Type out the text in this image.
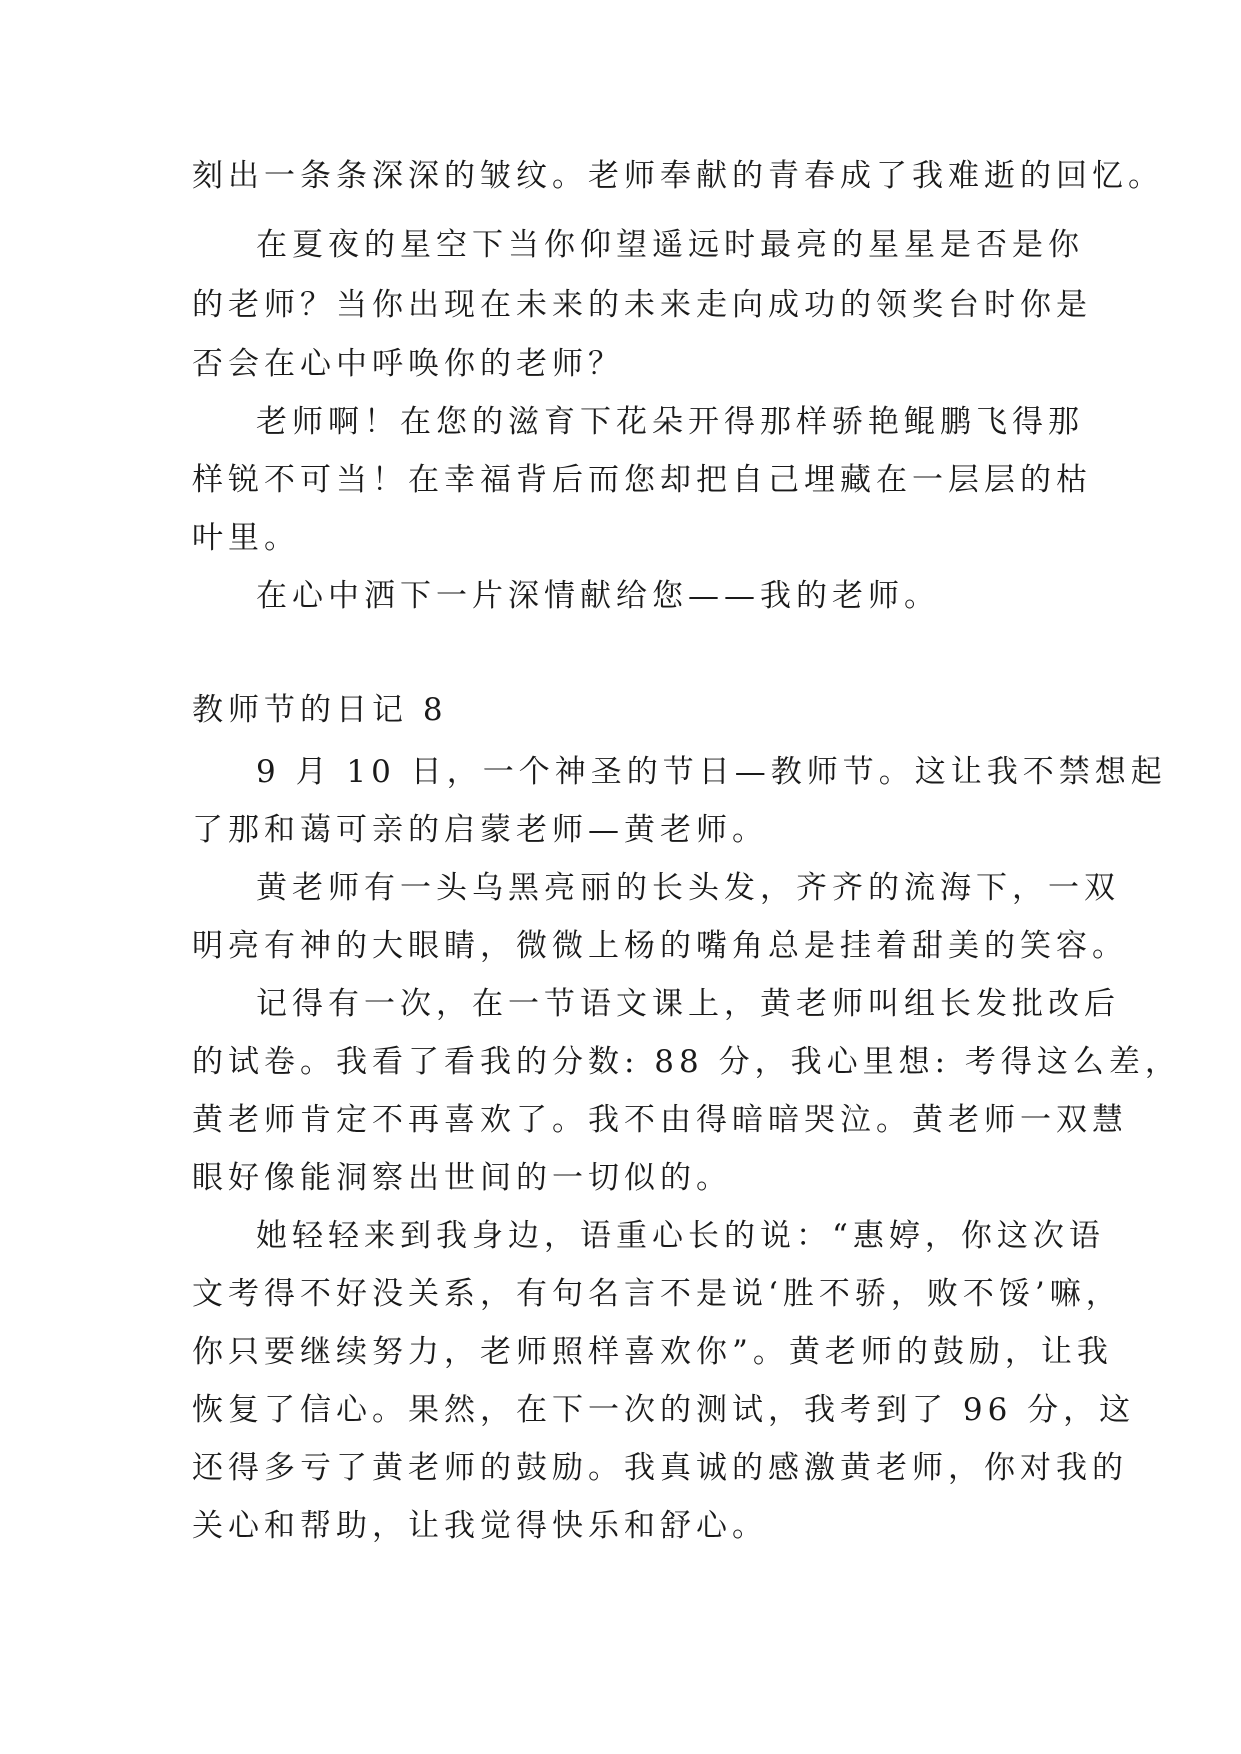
刻出一条条深深的皱纹。老师奉献的青春成了我难逝的回忆。
在夏夜的星空下当你仰望遥远时最亮的星星是否是你
的老师？当你出现在未来的未来走向成功的领奖台时你是
否会在心中呼唤你的老师？
老师啊！在您的滋育下花朵开得那样骄艳鲲鹏飞得那
样锐不可当！在幸福背后而您却把自己埋藏在一层层的枯
叶里。
在心中洒下一片深情献给您——我的老师。
教师节的日记 8
9 月 10 日，一个神圣的节日—教师节。这让我不禁想起
了那和蔼可亲的启蒙老师—黄老师。
黄老师有一头乌黑亮丽的长头发，齐齐的流海下，一双
明亮有神的大眼睛，微微上杨的嘴角总是挂着甜美的笑容。
记得有一次，在一节语文课上，黄老师叫组长发批改后
的试卷。我看了看我的分数: 88 分，我心里想: 考得这么差，
黄老师肯定不再喜欢了。我不由得暗暗哭泣。黄老师一双慧
眼好像能洞察出世间的一切似的。
她轻轻来到我身边，语重心长的说：“惠婷，你这次语
文考得不好没关系，有句名言不是说‘胜不骄，败不馁’嘛，
你只要继续努力，老师照样喜欢你”。黄老师的鼓励，让我
恢复了信心。果然，在下一次的测试，我考到了 96 分，这
还得多亏了黄老师的鼓励。我真诚的感激黄老师，你对我的
关心和帮助，让我觉得快乐和舒心。
